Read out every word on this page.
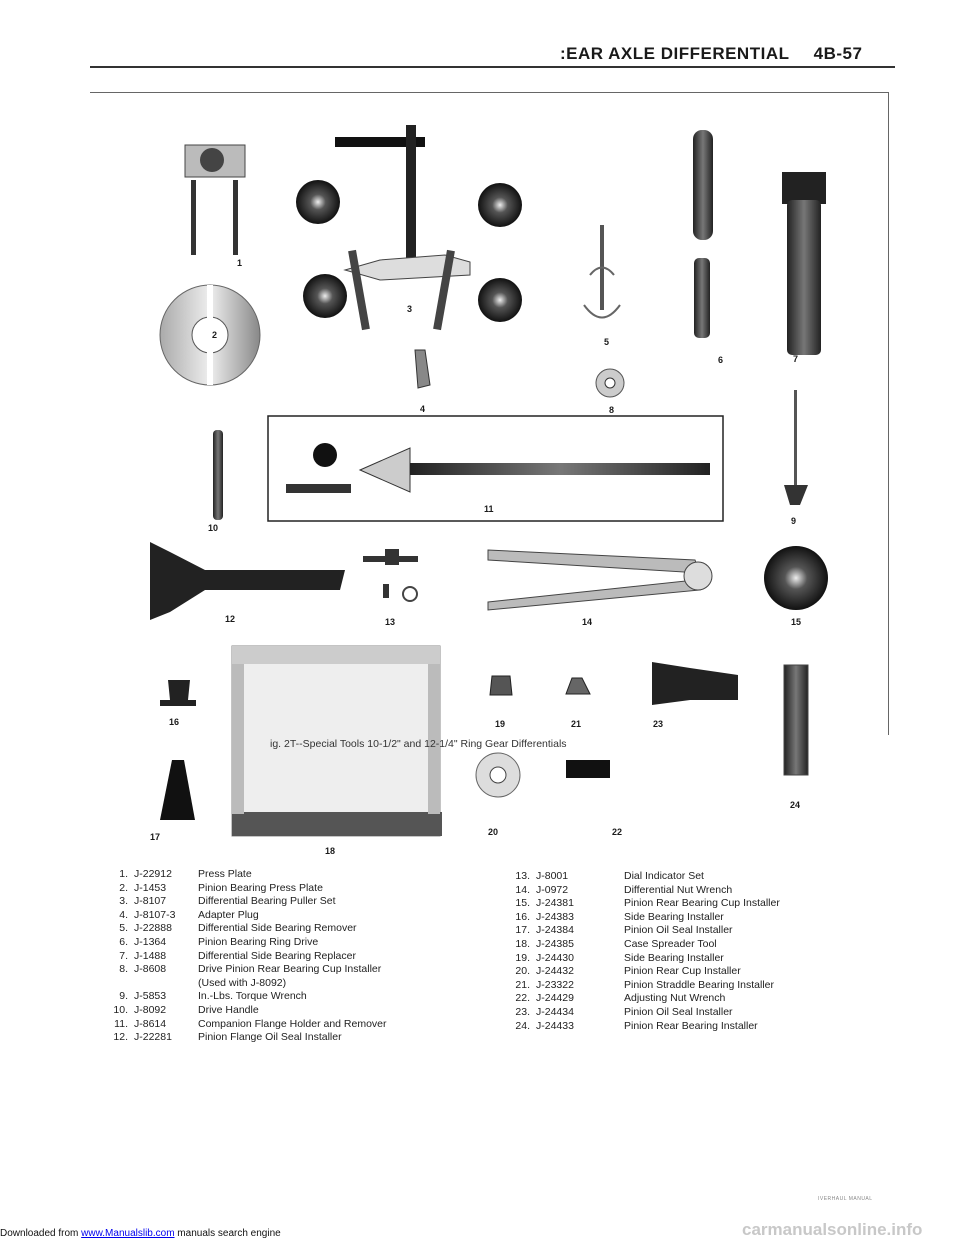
:EAR AXLE DIFFERENTIAL 4B-57
1
2
3
4
5
6	7
8
9
10
11
12	13	14	15
16
17
18
19	21	23
24
20	22
1. J-22912	Press Plate
2. J-1453	Pinion Bearing Press Plate
3. J-8107	Differential Bearing Puller Set
4. J-8107-3	Adapter Plug
5. J-22888	Differential Side Bearing Remover
6. J-1364	Pinion Bearing Ring Drive
7. J-1488	Differential Side Bearing Replacer
8. J-8608	Drive Pinion Rear Bearing Cup Installer
(Used with J-8092)
9. J-5853	In.-Lbs. Torque Wrench
10. J-8092	Drive Handle
11. J-8614	Companion Flange Holder and Remover
12. J-22281	Pinion Flange Oil Seal Installer
13. J-8001	Dial Indicator Set
14. J-0972	Differential Nut Wrench
15. J-24381	Pinion Rear Bearing Cup Installer
16. J-24383	Side Bearing Installer
17. J-24384	Pinion Oil Seal Installer
18. J-24385	Case Spreader Tool
19. J-24430	Side Bearing Installer
20. J-24432	Pinion Rear Cup Installer
21. J-23322	Pinion Straddle Bearing Installer
22. J-24429	Adjusting Nut Wrench
23. J-24434	Pinion Oil Seal Installer
24. J-24433	Pinion Rear Bearing Installer
ig. 2T--Special Tools 10-1/2" and 12-1/4" Ring Gear Differentials
IVERHAUL MANUAL
Downloaded from www.Manualslib.com manuals search engine	carmanualsonline.info
